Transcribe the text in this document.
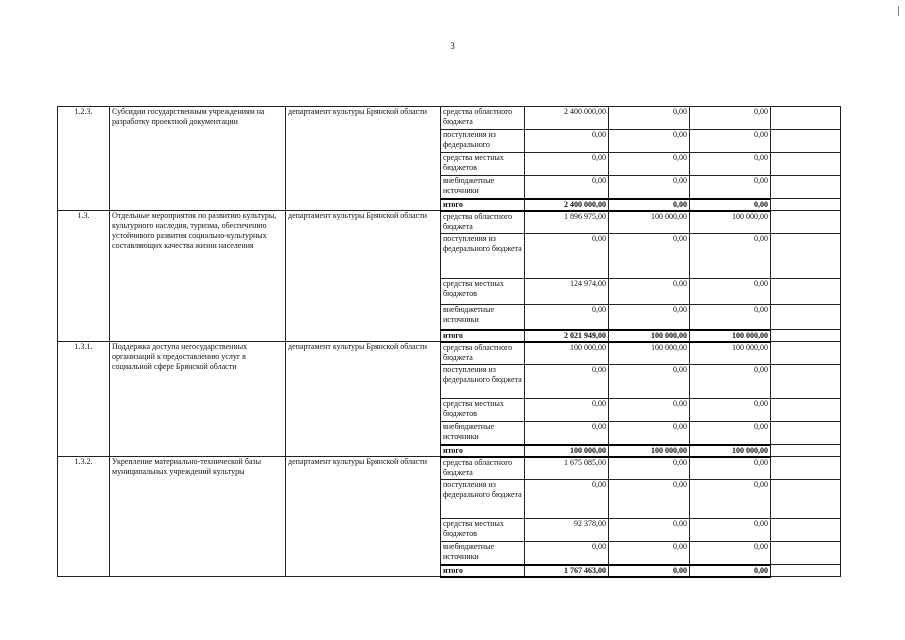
3
1.2.3.	Субсидии государственным учреждениям на разработку проектной документации	департамент культуры Брянской области	средства областного бюджета	2 400 000,00	0,00	0,00	
			поступления из федерального	0,00	0,00	0,00	
			средства местных бюджетов	0,00	0,00	0,00	
			внебюджетные источники	0,00	0,00	0,00	
			итого	2 400 000,00	0,00	0,00	
1.3.	Отдельные мероприятия по развитию культуры, культурного наследия, туризма, обеспечению устойчивого развития социально-культурных составляющих качества жизни населения	департамент культуры Брянской области	средства областного бюджета	1 896 975,00	100 000,00	100 000,00	
			поступления из федерального бюджета	0,00	0,00	0,00	
			средства местных бюджетов	124 974,00	0,00	0,00	
			внебюджетные источники	0,00	0,00	0,00	
			итого	2 021 949,00	100 000,00	100 000,00	
1.3.1.	Поддержка доступа негосударственных организаций к предоставлению услуг в социальной сфере Брянской области	департамент культуры Брянской области	средства областного бюджета	100 000,00	100 000,00	100 000,00	
			поступления из федерального бюджета	0,00	0,00	0,00	
			средства местных бюджетов	0,00	0,00	0,00	
			внебюджетные источники	0,00	0,00	0,00	
			итого	100 000,00	100 000,00	100 000,00	
1.3.2.	Укрепление материально-технической базы муниципальных учреждений культуры	департамент культуры Брянской области	средства областного бюджета	1 675 085,00	0,00	0,00	
			поступления из федерального бюджета	0,00	0,00	0,00	
			средства местных бюджетов	92 378,00	0,00	0,00	
			внебюджетные источники	0,00	0,00	0,00	
			итого	1 767 463,00	0,00	0,00	
